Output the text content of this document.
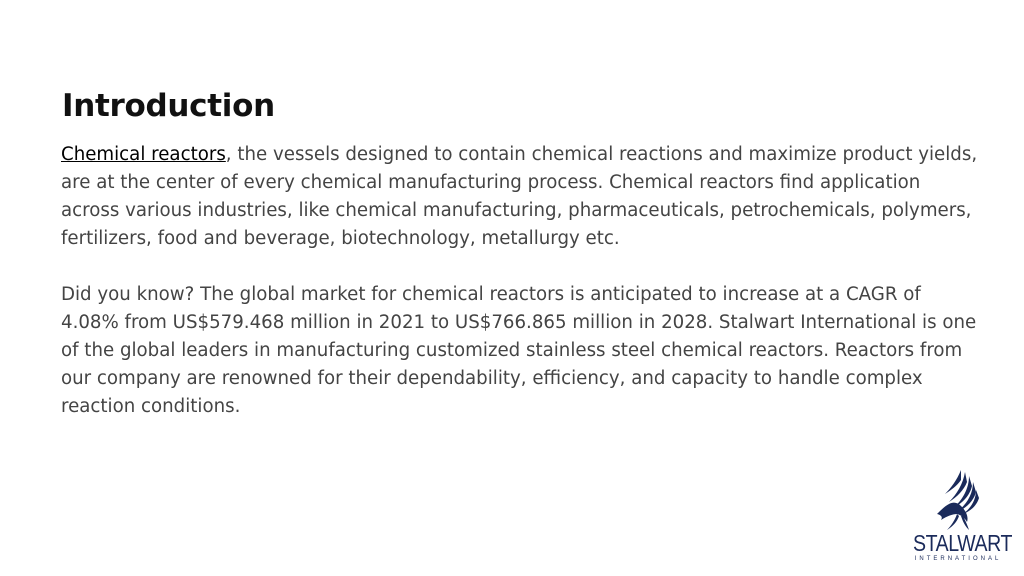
Introduction

Chemical reactors, the vessels designed to contain chemical reactions and maximize product yields, are at the center of every chemical manufacturing process. Chemical reactors find application across various industries, like chemical manufacturing, pharmaceuticals, petrochemicals, polymers, fertilizers, food and beverage, biotechnology, metallurgy etc.

Did you know? The global market for chemical reactors is anticipated to increase at a CAGR of 4.08% from US$579.468 million in 2021 to US$766.865 million in 2028. Stalwart International is one of the global leaders in manufacturing customized stainless steel chemical reactors. Reactors from our company are renowned for their dependability, efficiency, and capacity to handle complex reaction conditions.

STALWART
INTERNATIONAL
